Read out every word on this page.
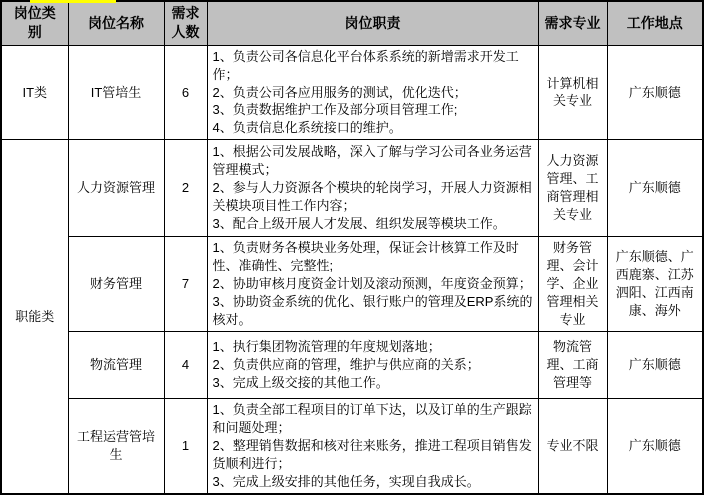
岗位类别	岗位名称	需求人数	岗位职责	需求专业	工作地点
IT类	IT管培生	6	1、负责公司各信息化平台体系系统的新增需求开发工作；
2、负责公司各应用服务的测试，优化迭代；
3、负责数据维护工作及部分项目管理工作;
4、负责信息化系统接口的维护。	计算机相关专业	广东顺德
职能类	人力资源管理	2	1、根据公司发展战略，深入了解与学习公司各业务运营管理模式；
2、参与人力资源各个模块的轮岗学习，开展人力资源相关模块项目性工作内容；
3、配合上级开展人才发展、组织发展等模块工作。	人力资源管理、工商管理相关专业	广东顺德
	财务管理	7	1、负责财务各模块业务处理，保证会计核算工作及时性、准确性、完整性;
2、协助审核月度资金计划及滚动预测，年度资金预算；
3、协助资金系统的优化、银行账户的管理及ERP系统的核对。	财务管理、会计学、企业管理相关专业	广东顺德、广西鹿寨、江苏泗阳、江西南康、海外
	物流管理	4	1、执行集团物流管理的年度规划落地；
2、负责供应商的管理，维护与供应商的关系；
3、完成上级交接的其他工作。	物流管理、工商管理等	广东顺德
	工程运营管培生	1	1、负责全部工程项目的订单下达，以及订单的生产跟踪和问题处理；
2、整理销售数据和核对往来账务，推进工程项目销售发货顺利进行；
3、完成上级安排的其他任务，实现自我成长。	专业不限	广东顺德
